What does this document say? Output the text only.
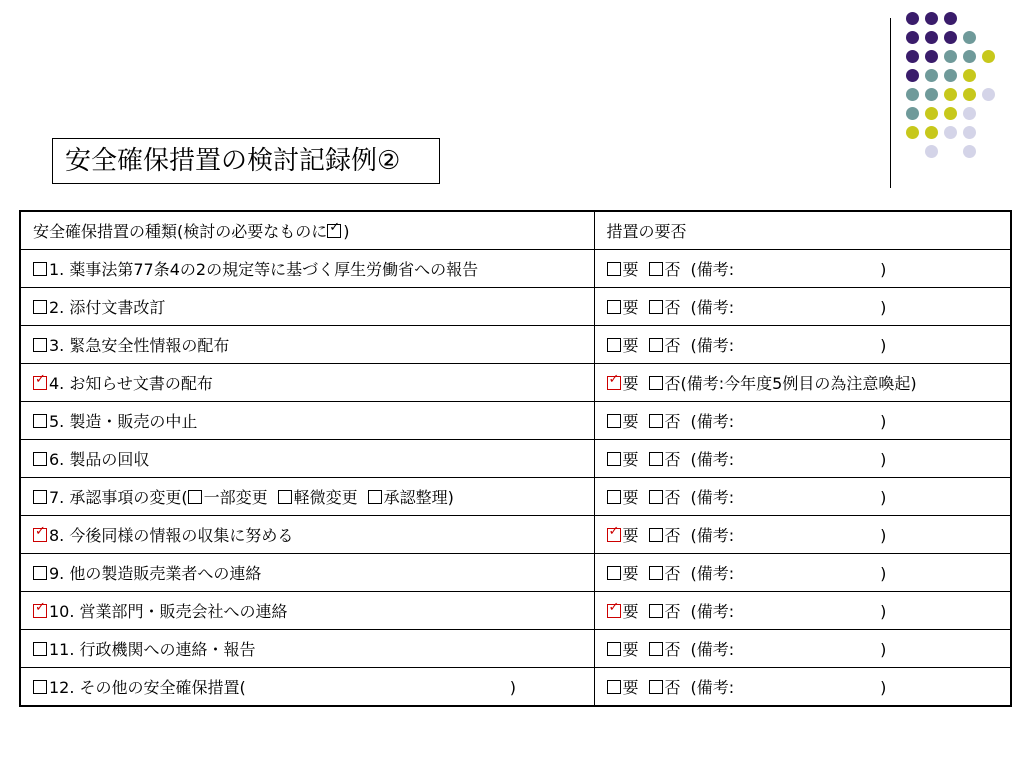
安全確保措置の検討記録例②
安全確保措置の種類(検討の必要なものに ✓ )	措置の要否
1. 薬事法第77条4の2の規定等に基づく厚生労働省への報告	要 否 (備考: )
2. 添付文書改訂	要 否 (備考: )
3. 緊急安全性情報の配布	要 否 (備考: )

✓ 4. お知らせ文書の配布	✓ 要 否(備考:今年度5例目の為注意喚起)
5. 製造・販売の中止	要 否 (備考: )
6. 製品の回収	要 否 (備考: )
7. 承認事項の変更( 一部変更 軽微変更 承認整理)	要 否 (備考: )

✓ 8. 今後同様の情報の収集に努める	✓ 要 否 (備考: )
9. 他の製造販売業者への連絡	要 否 (備考: )

✓ 10. 営業部門・販売会社への連絡	✓ 要 否 (備考: )
11. 行政機関への連絡・報告	要 否 (備考: )
12. その他の安全確保措置( )	要 否 (備考: )
